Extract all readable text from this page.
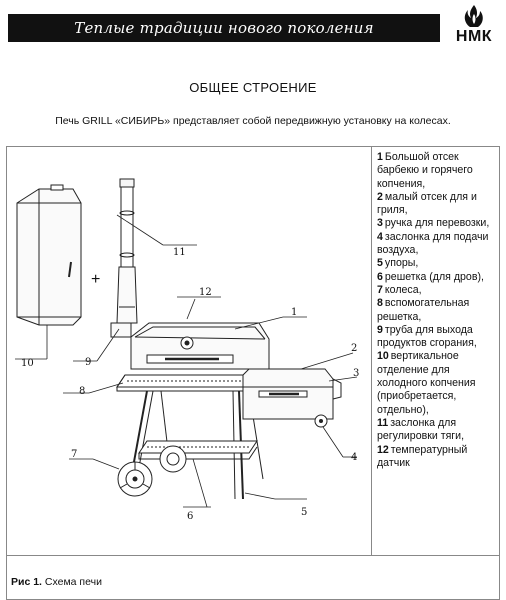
Теплые традиции нового поколения	НМК
ОБЩЕЕ СТРОЕНИЕ
Печь GRILL «СИБИРЬ» представляет собой передвижную установку на колесах.
+
11
12
1
2
3
4
5
6
7
8
9
10
1 Большой отсек барбекю и горячего копчения,
2 малый отсек для и гриля,
3 ручка для перевозки,
4 заслонка для подачи воздуха,
5 упоры,
6 решетка (для дров),
7 колеса,
8 вспомогательная решетка,
9 труба для выхода продуктов сгорания,
10 вертикальное отделение для холодного копчения (приобретается, отдельно),
11 заслонка для регулировки тяги,
12 температурный датчик
Рис 1. Схема печи
